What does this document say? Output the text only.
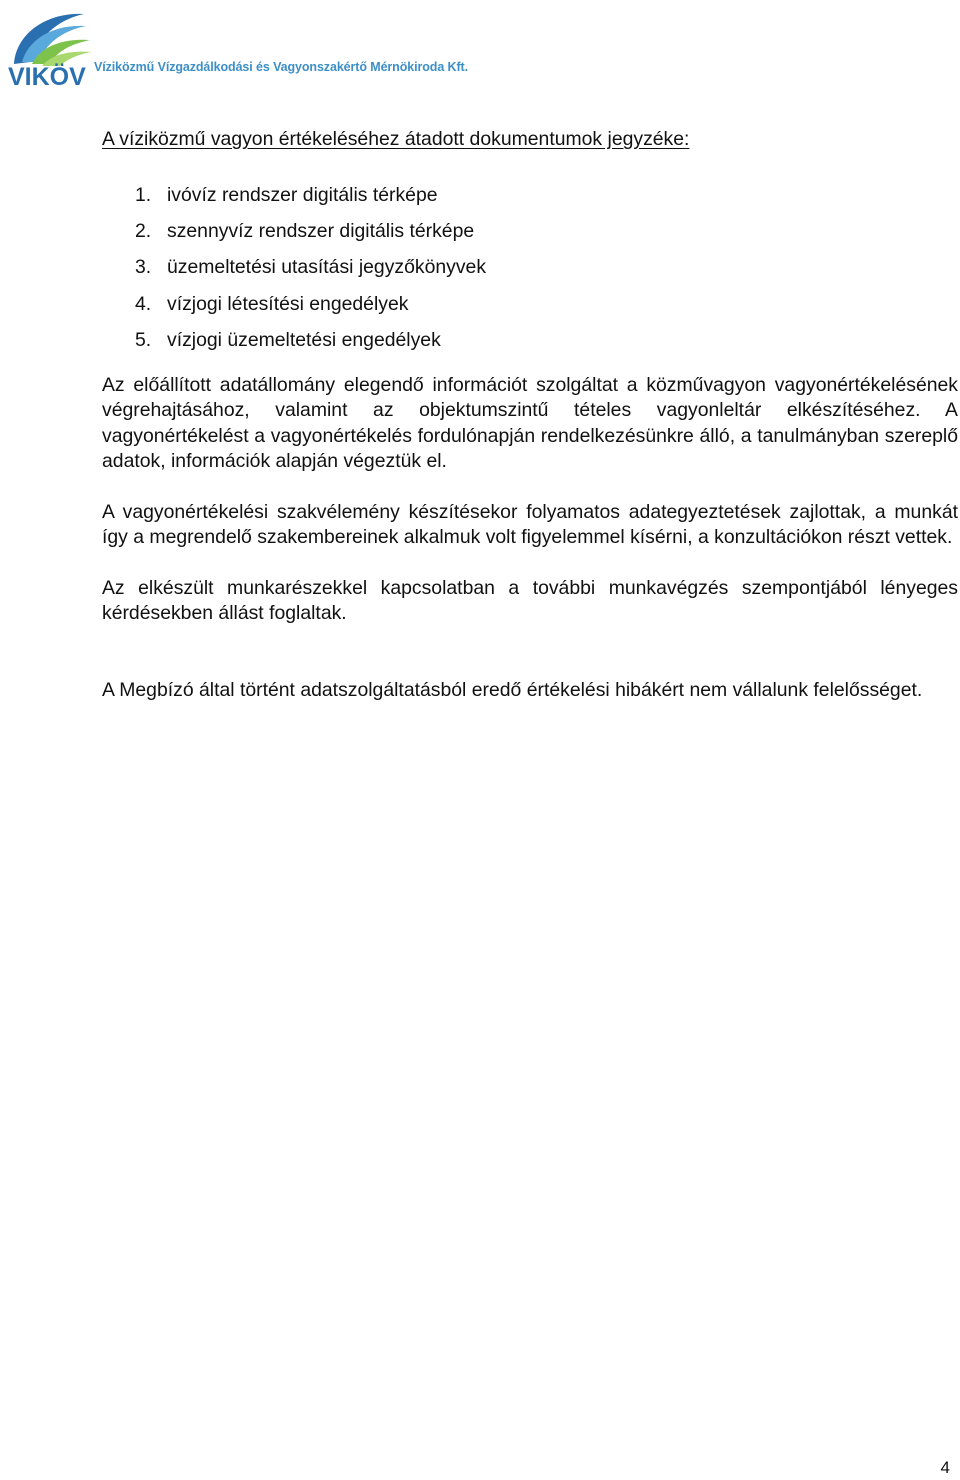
VIKÖV Víziközmű Vízgazdálkodási és Vagyonszakértő Mérnökiroda Kft.
A víziközmű vagyon értékeléséhez átadott dokumentumok jegyzéke:
1. ivóvíz rendszer digitális térképe
2. szennyvíz rendszer digitális térképe
3. üzemeltetési utasítási jegyzőkönyvek
4. vízjogi létesítési engedélyek
5. vízjogi üzemeltetési engedélyek

Az előállított adatállomány elegendő információt szolgáltat a közművagyon vagyonértékelésének végrehajtásához, valamint az objektumszintű tételes vagyonleltár elkészítéséhez. A vagyonértékelést a vagyonértékelés fordulónapján rendelkezésünkre álló, a tanulmányban szereplő adatok, információk alapján végeztük el.

A vagyonértékelési szakvélemény készítésekor folyamatos adategyeztetések zajlottak, a munkát így a megrendelő szakembereinek alkalmuk volt figyelemmel kísérni, a konzultációkon részt vettek.

Az elkészült munkarészekkel kapcsolatban a további munkavégzés szempontjából lényeges kérdésekben állást foglaltak.

A Megbízó által történt adatszolgáltatásból eredő értékelési hibákért nem vállalunk felelősséget.

4
